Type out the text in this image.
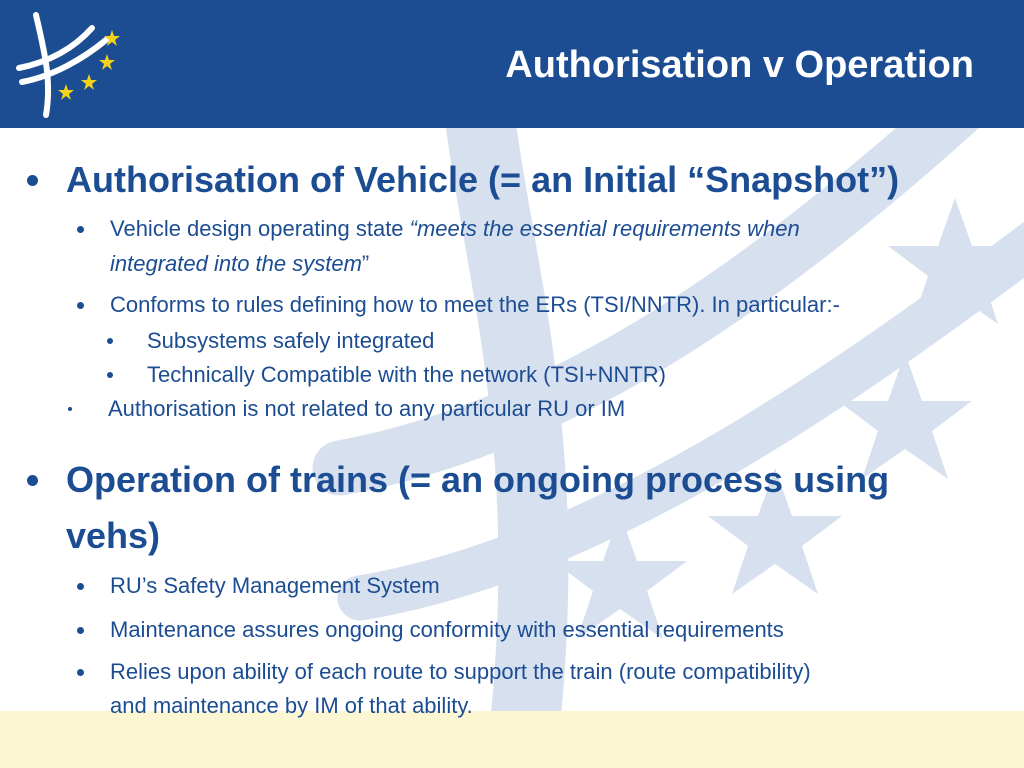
Authorisation v Operation
Authorisation of Vehicle (= an Initial “Snapshot”)
Vehicle design operating state “meets the essential requirements when
integrated into the system”
Conforms to rules defining how to meet the ERs (TSI/NNTR). In particular:-
Subsystems safely integrated
Technically Compatible with the network (TSI+NNTR)
Authorisation is not related to any particular RU or IM
Operation of trains (= an ongoing process using
vehs)
RU’s Safety Management System
Maintenance assures ongoing conformity with essential requirements
Relies upon ability of each route to support the train (route compatibility)
and maintenance by IM of that ability.
